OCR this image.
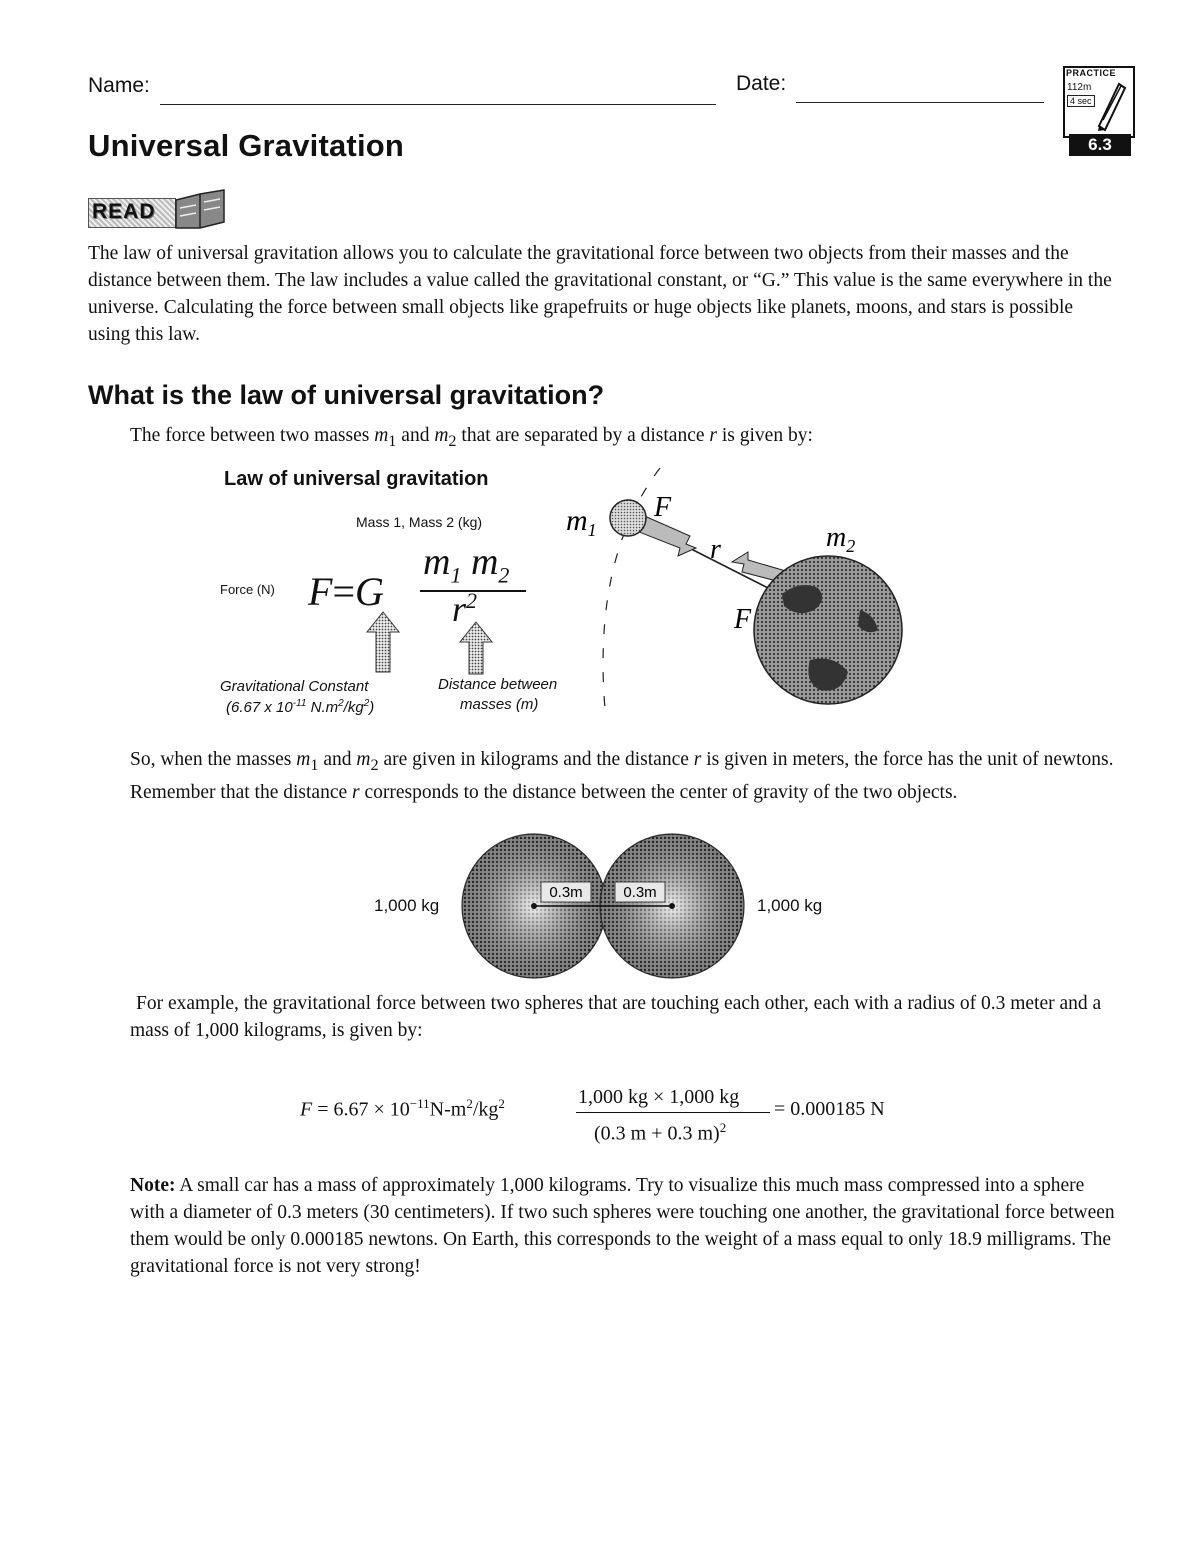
Name:	Date:	PRACTICE
112m
4 sec
6.3
Universal Gravitation
READ
The law of universal gravitation allows you to calculate the gravitational force between two objects from their masses and the distance between them. The law includes a value called the gravitational constant, or “G.” This value is the same everywhere in the universe. Calculating the force between small objects like grapefruits or huge objects like planets, moons, and stars is possible using this law.
What is the law of universal gravitation?
The force between two masses $m_1$ and $m_2$ that are separated by a distance r is given by:
Law of universal gravitation
Mass 1, Mass 2 (kg)
Force (N) F=G
$m_1$ $m_2$
$r^2$
Gravitational Constant
(6.67 x $10^{-11}$ $N.m^2/kg^2$)
Distance between
masses (m)
$m_1$
F
r
F
$m_2$
So, when the masses $m_1$ and $m_2$ are given in kilograms and the distance r is given in meters, the force has the unit of newtons. Remember that the distance r corresponds to the distance between the center of gravity of the two objects.
1,000 kg	1,000 kg
0.3m	0.3m
For example, the gravitational force between two spheres that are touching each other, each with a radius of 0.3 meter and a mass of 1,000 kilograms, is given by:
$F = 6.67 \times 10^{-11}N-m^2/kg^2$	1,000 kg × 1,000 kg
(0.3 m + 0.3 m)$^2$
= 0.000185 N
Note: A small car has a mass of approximately 1,000 kilograms. Try to visualize this much mass compressed into a sphere with a diameter of 0.3 meters (30 centimeters). If two such spheres were touching one another, the gravitational force between them would be only 0.000185 newtons. On Earth, this corresponds to the weight of a mass equal to only 18.9 milligrams. The gravitational force is not very strong!
